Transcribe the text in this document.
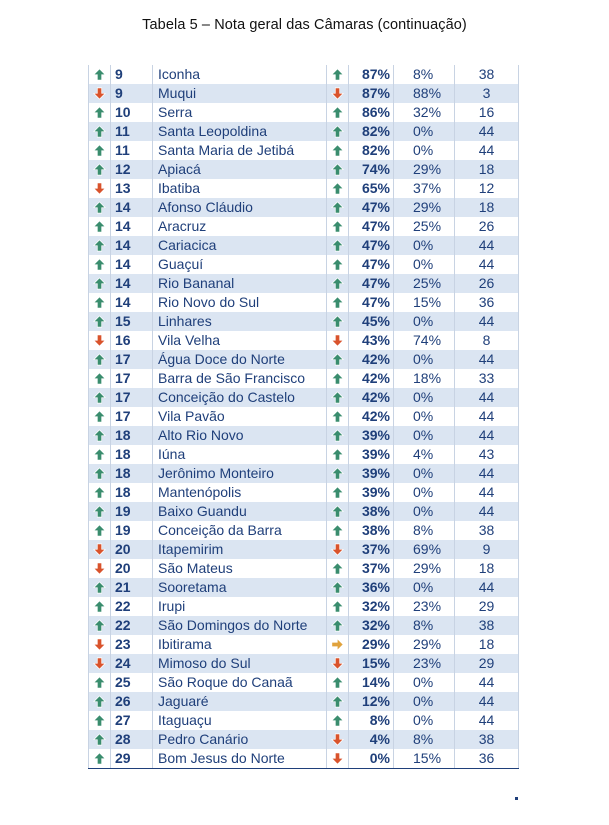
Tabela 5 – Nota geral das Câmaras (continuação)
	9	Iconha		87%	8%	38
	9	Muqui		87%	88%	3
	10	Serra		86%	32%	16
	11	Santa Leopoldina		82%	0%	44
	11	Santa Maria de Jetibá		82%	0%	44
	12	Apiacá		74%	29%	18
	13	Ibatiba		65%	37%	12
	14	Afonso Cláudio		47%	29%	18
	14	Aracruz		47%	25%	26
	14	Cariacica		47%	0%	44
	14	Guaçuí		47%	0%	44
	14	Rio Bananal		47%	25%	26
	14	Rio Novo do Sul		47%	15%	36
	15	Linhares		45%	0%	44
	16	Vila Velha		43%	74%	8
	17	Água Doce do Norte		42%	0%	44
	17	Barra de São Francisco		42%	18%	33
	17	Conceição do Castelo		42%	0%	44
	17	Vila Pavão		42%	0%	44
	18	Alto Rio Novo		39%	0%	44
	18	Iúna		39%	4%	43
	18	Jerônimo Monteiro		39%	0%	44
	18	Mantenópolis		39%	0%	44
	19	Baixo Guandu		38%	0%	44
	19	Conceição da Barra		38%	8%	38
	20	Itapemirim		37%	69%	9
	20	São Mateus		37%	29%	18
	21	Sooretama		36%	0%	44
	22	Irupi		32%	23%	29
	22	São Domingos do Norte		32%	8%	38
	23	Ibitirama		29%	29%	18
	24	Mimoso do Sul		15%	23%	29
	25	São Roque do Canaã		14%	0%	44
	26	Jaguaré		12%	0%	44
	27	Itaguaçu		8%	0%	44
	28	Pedro Canário		4%	8%	38
	29	Bom Jesus do Norte		0%	15%	36
